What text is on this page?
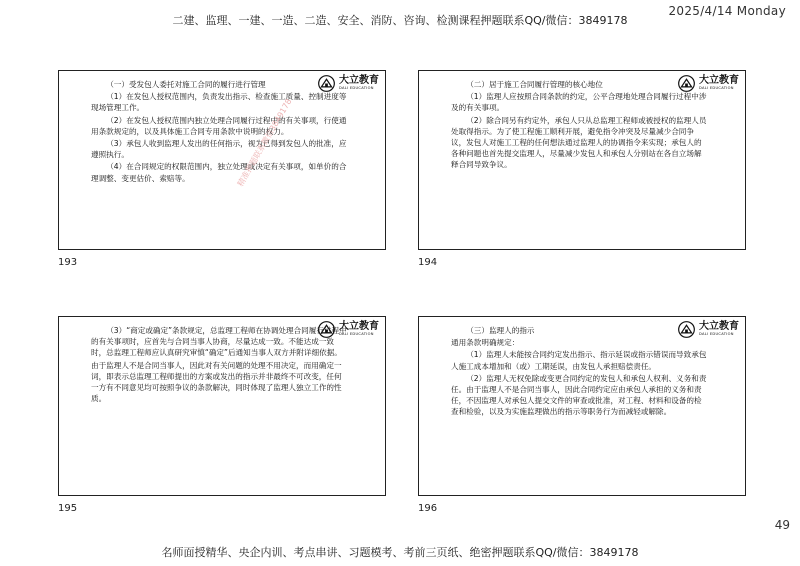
二建、监理、一建、一造、二造、安全、消防、咨询、检测课程押题联系QQ/微信：3849178
2025/4/14 Monday
大立教育
DALI EDUCATION

（一）受发包人委托对施工合同的履行进行管理

（1）在发包人授权范围内，负责发出指示、检查施工质量、控制进度等现场管理工作。

（2）在发包人授权范围内独立处理合同履行过程中的有关事项，行使通用条款规定的，以及具体施工合同专用条款中说明的权力。

（3）承包人收到监理人发出的任何指示，视为已得到发包人的批准，应遵照执行。

（4）在合同规定的权限范围内，独立处理或决定有关事项，如单价的合理调整、变更估价、索赔等。	精准押题联系微信3849178
193
大立教育
DALI EDUCATION

（二）居于施工合同履行管理的核心地位

（1）监理人应按照合同条款的约定，公平合理地处理合同履行过程中涉及的有关事项。

（2）除合同另有约定外，承包人只从总监理工程师或被授权的监理人员处取得指示。为了使工程施工顺利开展，避免指令冲突及尽量减少合同争议，发包人对施工工程的任何想法通过监理人的协调指令来实现；承包人的各种问题也首先提交监理人，尽量减少发包人和承包人分别站在各自立场解释合同导致争议。

194
大立教育
DALI EDUCATION

（3）“商定或确定”条款规定，总监理工程师在协调处理合同履行过程中的有关事项时，应首先与合同当事人协商，尽量达成一致。不能达成一致时，总监理工程师应认真研究审慎“确定”后通知当事人双方并附详细依据。

由于监理人不是合同当事人，因此对有关问题的处理不用决定，而用确定一词，即表示总监理工程师提出的方案或发出的指示并非最终不可改变，任何一方有不同意见均可按照争议的条款解决，同时体现了监理人独立工作的性质。

195
大立教育
DALI EDUCATION

（三）监理人的指示

通用条款明确规定：

（1）监理人未能按合同约定发出指示、指示延误或指示错误而导致承包人施工成本增加和（或）工期延误，由发包人承担赔偿责任。

（2）监理人无权免除或变更合同约定的发包人和承包人权利、义务和责任。由于监理人不是合同当事人，因此合同约定应由承包人承担的义务和责任，不因监理人对承包人提交文件的审查或批准，对工程、材料和设备的检查和检验，以及为实施监理做出的指示等职务行为而减轻或解除。

196
49
名师面授精华、央企内训、考点串讲、习题模考、考前三页纸、绝密押题联系QQ/微信：3849178
